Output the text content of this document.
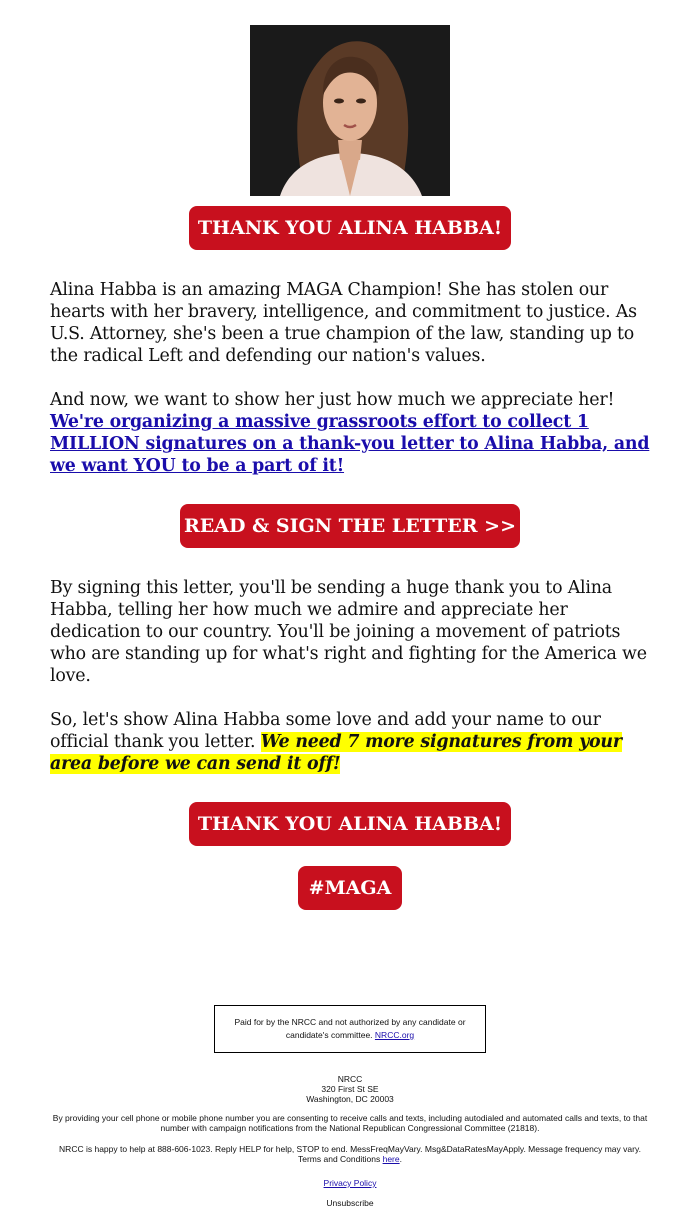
THANK YOU ALINA HABBA!
Alina Habba is an amazing MAGA Champion! She has stolen our hearts with her bravery, intelligence, and commitment to justice. As U.S. Attorney, she's been a true champion of the law, standing up to the radical Left and defending our nation's values.
And now, we want to show her just how much we appreciate her! We're organizing a massive grassroots effort to collect 1 MILLION signatures on a thank-you letter to Alina Habba, and we want YOU to be a part of it!
READ & SIGN THE LETTER >>
By signing this letter, you'll be sending a huge thank you to Alina Habba, telling her how much we admire and appreciate her dedication to our country. You'll be joining a movement of patriots who are standing up for what's right and fighting for the America we love.
So, let's show Alina Habba some love and add your name to our official thank you letter. We need 7 more signatures from your area before we can send it off!
THANK YOU ALINA HABBA!
#MAGA
Paid for by the NRCC and not authorized by any candidate or candidate's committee. NRCC.org
NRCC
320 First St SE
Washington, DC 20003
By providing your cell phone or mobile phone number you are consenting to receive calls and texts, including autodialed and automated calls and texts, to that number with campaign notifications from the National Republican Congressional Committee (21818).
NRCC is happy to help at 888-606-1023. Reply HELP for help, STOP to end. MessFreqMayVary. Msg&DataRatesMayApply. Message frequency may vary. Terms and Conditions here.
Privacy Policy
Unsubscribe
